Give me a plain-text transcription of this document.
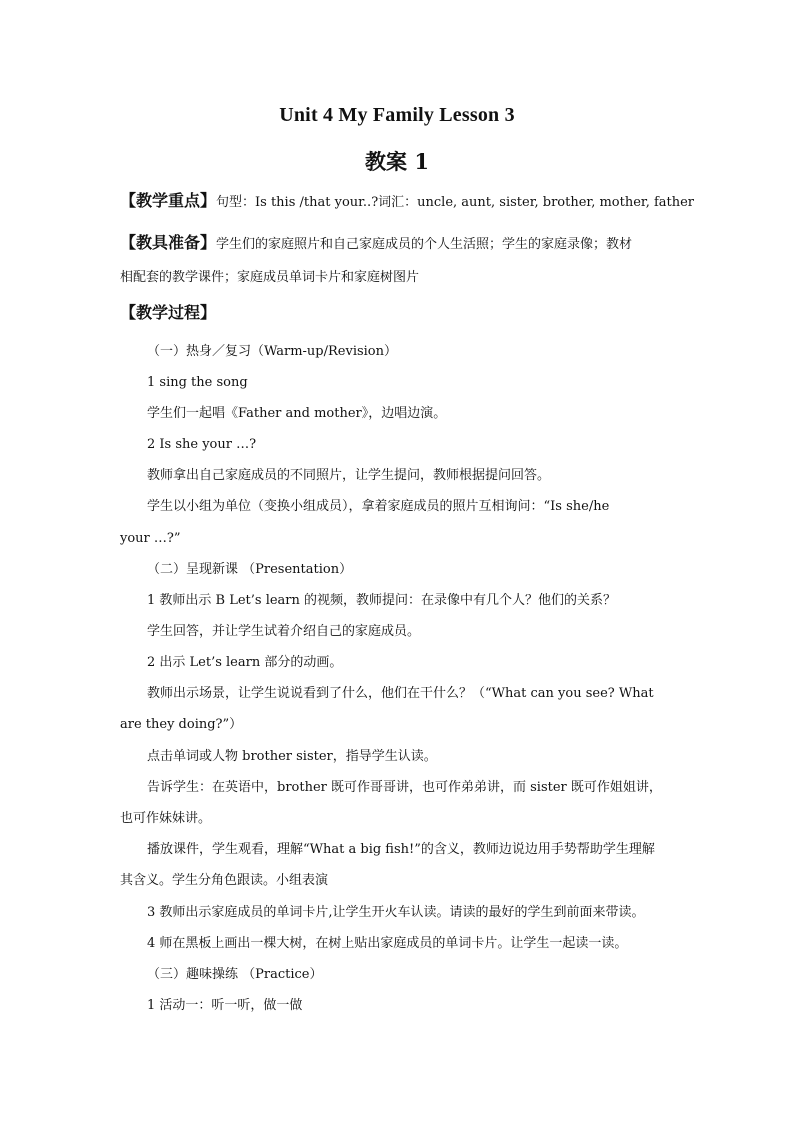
Unit 4 My Family Lesson 3
教案 1
【教学重点】句型：Is this /that your..?词汇：uncle, aunt, sister, brother, mother, father
【教具准备】学生们的家庭照片和自己家庭成员的个人生活照；学生的家庭录像；教材
相配套的教学课件；家庭成员单词卡片和家庭树图片
【教学过程】
（一）热身／复习（Warm-up/Revision）
1 sing the song
学生们一起唱《Father and mother》，边唱边演。
2 Is she your …?
教师拿出自己家庭成员的不同照片，让学生提问，教师根据提问回答。
学生以小组为单位（变换小组成员），拿着家庭成员的照片互相询问：“Is she/he
your …?”
（二）呈现新课 （Presentation）
1 教师出示 B Let’s learn 的视频，教师提问：在录像中有几个人？他们的关系？
学生回答，并让学生试着介绍自己的家庭成员。
2 出示 Let’s learn 部分的动画。
教师出示场景，让学生说说看到了什么，他们在干什么？（“What can you see? What
are they doing?”）
点击单词或人物 brother sister，指导学生认读。
告诉学生：在英语中，brother 既可作哥哥讲，也可作弟弟讲，而 sister 既可作姐姐讲，
也可作妹妹讲。
播放课件，学生观看，理解“What a big fish!”的含义，教师边说边用手势帮助学生理解
其含义。学生分角色跟读。小组表演
3 教师出示家庭成员的单词卡片,让学生开火车认读。请读的最好的学生到前面来带读。
4 师在黑板上画出一棵大树，在树上贴出家庭成员的单词卡片。让学生一起读一读。
（三）趣味操练 （Practice）
1 活动一：听一听，做一做
